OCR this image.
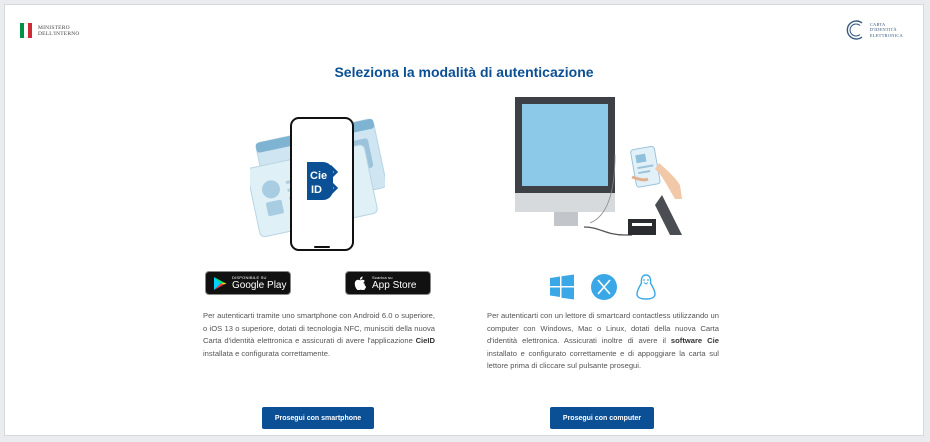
MINISTERO
DELL'INTERNO
CARTA
D'IDENTITÀ
ELETTRONICA
Seleziona la modalità di autenticazione
Cie
ID
DISPONIBILE SU
Google Play
Scarica su
App Store
Per autenticarti tramite uno smartphone con Android 6.0 o superiore, o iOS 13 o superiore, dotati di tecnologia NFC, munisciti della nuova Carta d'identità elettronica e assicurati di avere l'applicazione CieID installata e configurata correttamente.
Prosegui con smartphone
Per autenticarti con un lettore di smartcard contactless utilizzando un computer con Windows, Mac o Linux, dotati della nuova Carta d'identità elettronica. Assicurati inoltre di avere il software Cie installato e configurato correttamente e di appoggiare la carta sul lettore prima di cliccare sul pulsante prosegui.
Prosegui con computer
